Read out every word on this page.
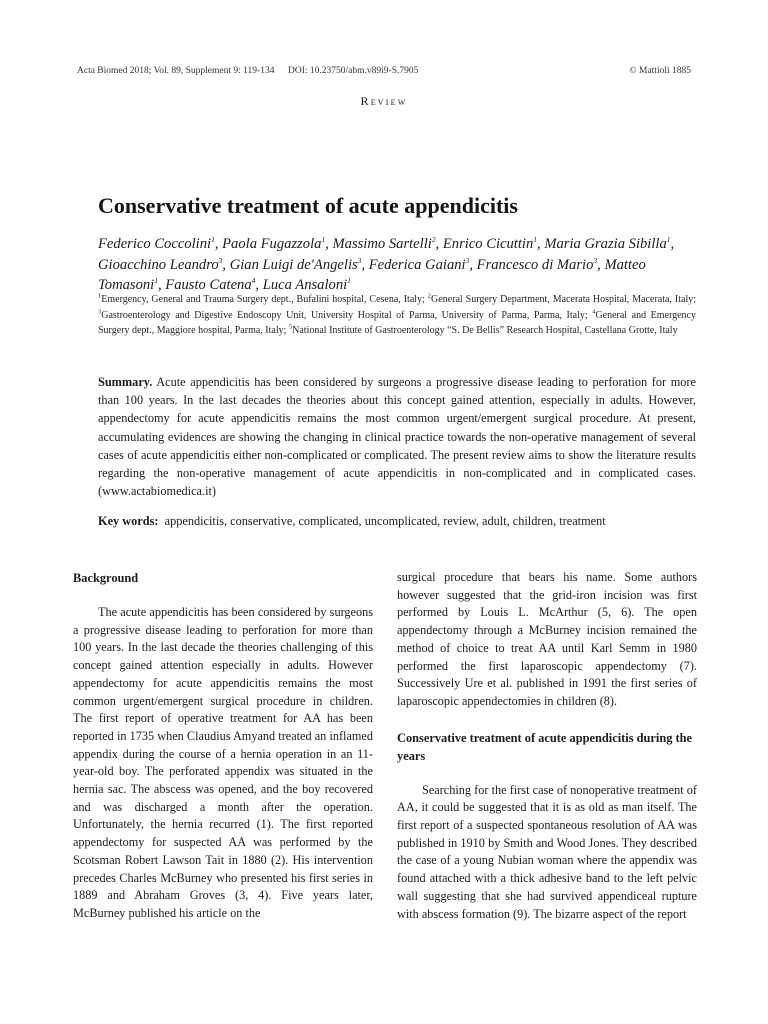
Acta Biomed 2018; Vol. 89, Supplement 9: 119-134 DOI: 10.23750/abm.v89i9-S.7905	© Mattioli 1885
Review
Conservative treatment of acute appendicitis
Federico Coccolini$^1$, Paola Fugazzola$^1$, Massimo Sartelli$^2$, Enrico Cicuttin$^1$, Maria Grazia Sibilla$^1$, Gioacchino Leandro$^3$, Gian Luigi de'Angelis$^3$, Federica Gaiani$^3$, Francesco di Mario$^3$, Matteo Tomasoni$^1$, Fausto Catena$^4$, Luca Ansaloni$^1$
$^1$Emergency, General and Trauma Surgery dept., Bufalini hospital, Cesena, Italy; $^2$General Surgery Department, Macerata Hospital, Macerata, Italy; $^3$Gastroenterology and Digestive Endoscopy Unit, University Hospital of Parma, University of Parma, Parma, Italy; $^4$General and Emergency Surgery dept., Maggiore hospital, Parma, Italy; $^5$National Institute of Gastroenterology “S. De Bellis” Research Hospital, Castellana Grotte, Italy
Summary. Acute appendicitis has been considered by surgeons a progressive disease leading to perforation for more than 100 years. In the last decades the theories about this concept gained attention, especially in adults. However, appendectomy for acute appendicitis remains the most common urgent/emergent surgical procedure. At present, accumulating evidences are showing the changing in clinical practice towards the non-operative management of several cases of acute appendicitis either non-complicated or complicated. The present review aims to show the literature results regarding the non-operative management of acute appendicitis in non-complicated and in complicated cases. (www.actabiomedica.it)
Key words: appendicitis, conservative, complicated, uncomplicated, review, adult, children, treatment
Background

The acute appendicitis has been considered by surgeons a progressive disease leading to perforation for more than 100 years. In the last decade the theories challenging of this concept gained attention especially in adults. However appendectomy for acute appendicitis remains the most common urgent/emergent surgical procedure in children. The first report of operative treatment for AA has been reported in 1735 when Claudius Amyand treated an inflamed appendix during the course of a hernia operation in an 11-year-old boy. The perforated appendix was situated in the hernia sac. The abscess was opened, and the boy recovered and was discharged a month after the operation. Unfortunately, the hernia recurred (1). The first reported appendectomy for suspected AA was performed by the Scotsman Robert Lawson Tait in 1880 (2). His intervention precedes Charles McBurney who presented his first series in 1889 and Abraham Groves (3, 4). Five years later, McBurney published his article on the

surgical procedure that bears his name. Some authors however suggested that the grid-iron incision was first performed by Louis L. McArthur (5, 6). The open appendectomy through a McBurney incision remained the method of choice to treat AA until Karl Semm in 1980 performed the first laparoscopic appendectomy (7). Successively Ure et al. published in 1991 the first series of laparoscopic appendectomies in children (8).

Conservative treatment of acute appendicitis during the years

Searching for the first case of nonoperative treatment of AA, it could be suggested that it is as old as man itself. The first report of a suspected spontaneous resolution of AA was published in 1910 by Smith and Wood Jones. They described the case of a young Nubian woman where the appendix was found attached with a thick adhesive band to the left pelvic wall suggesting that she had survived appendiceal rupture with abscess formation (9). The bizarre aspect of the report
